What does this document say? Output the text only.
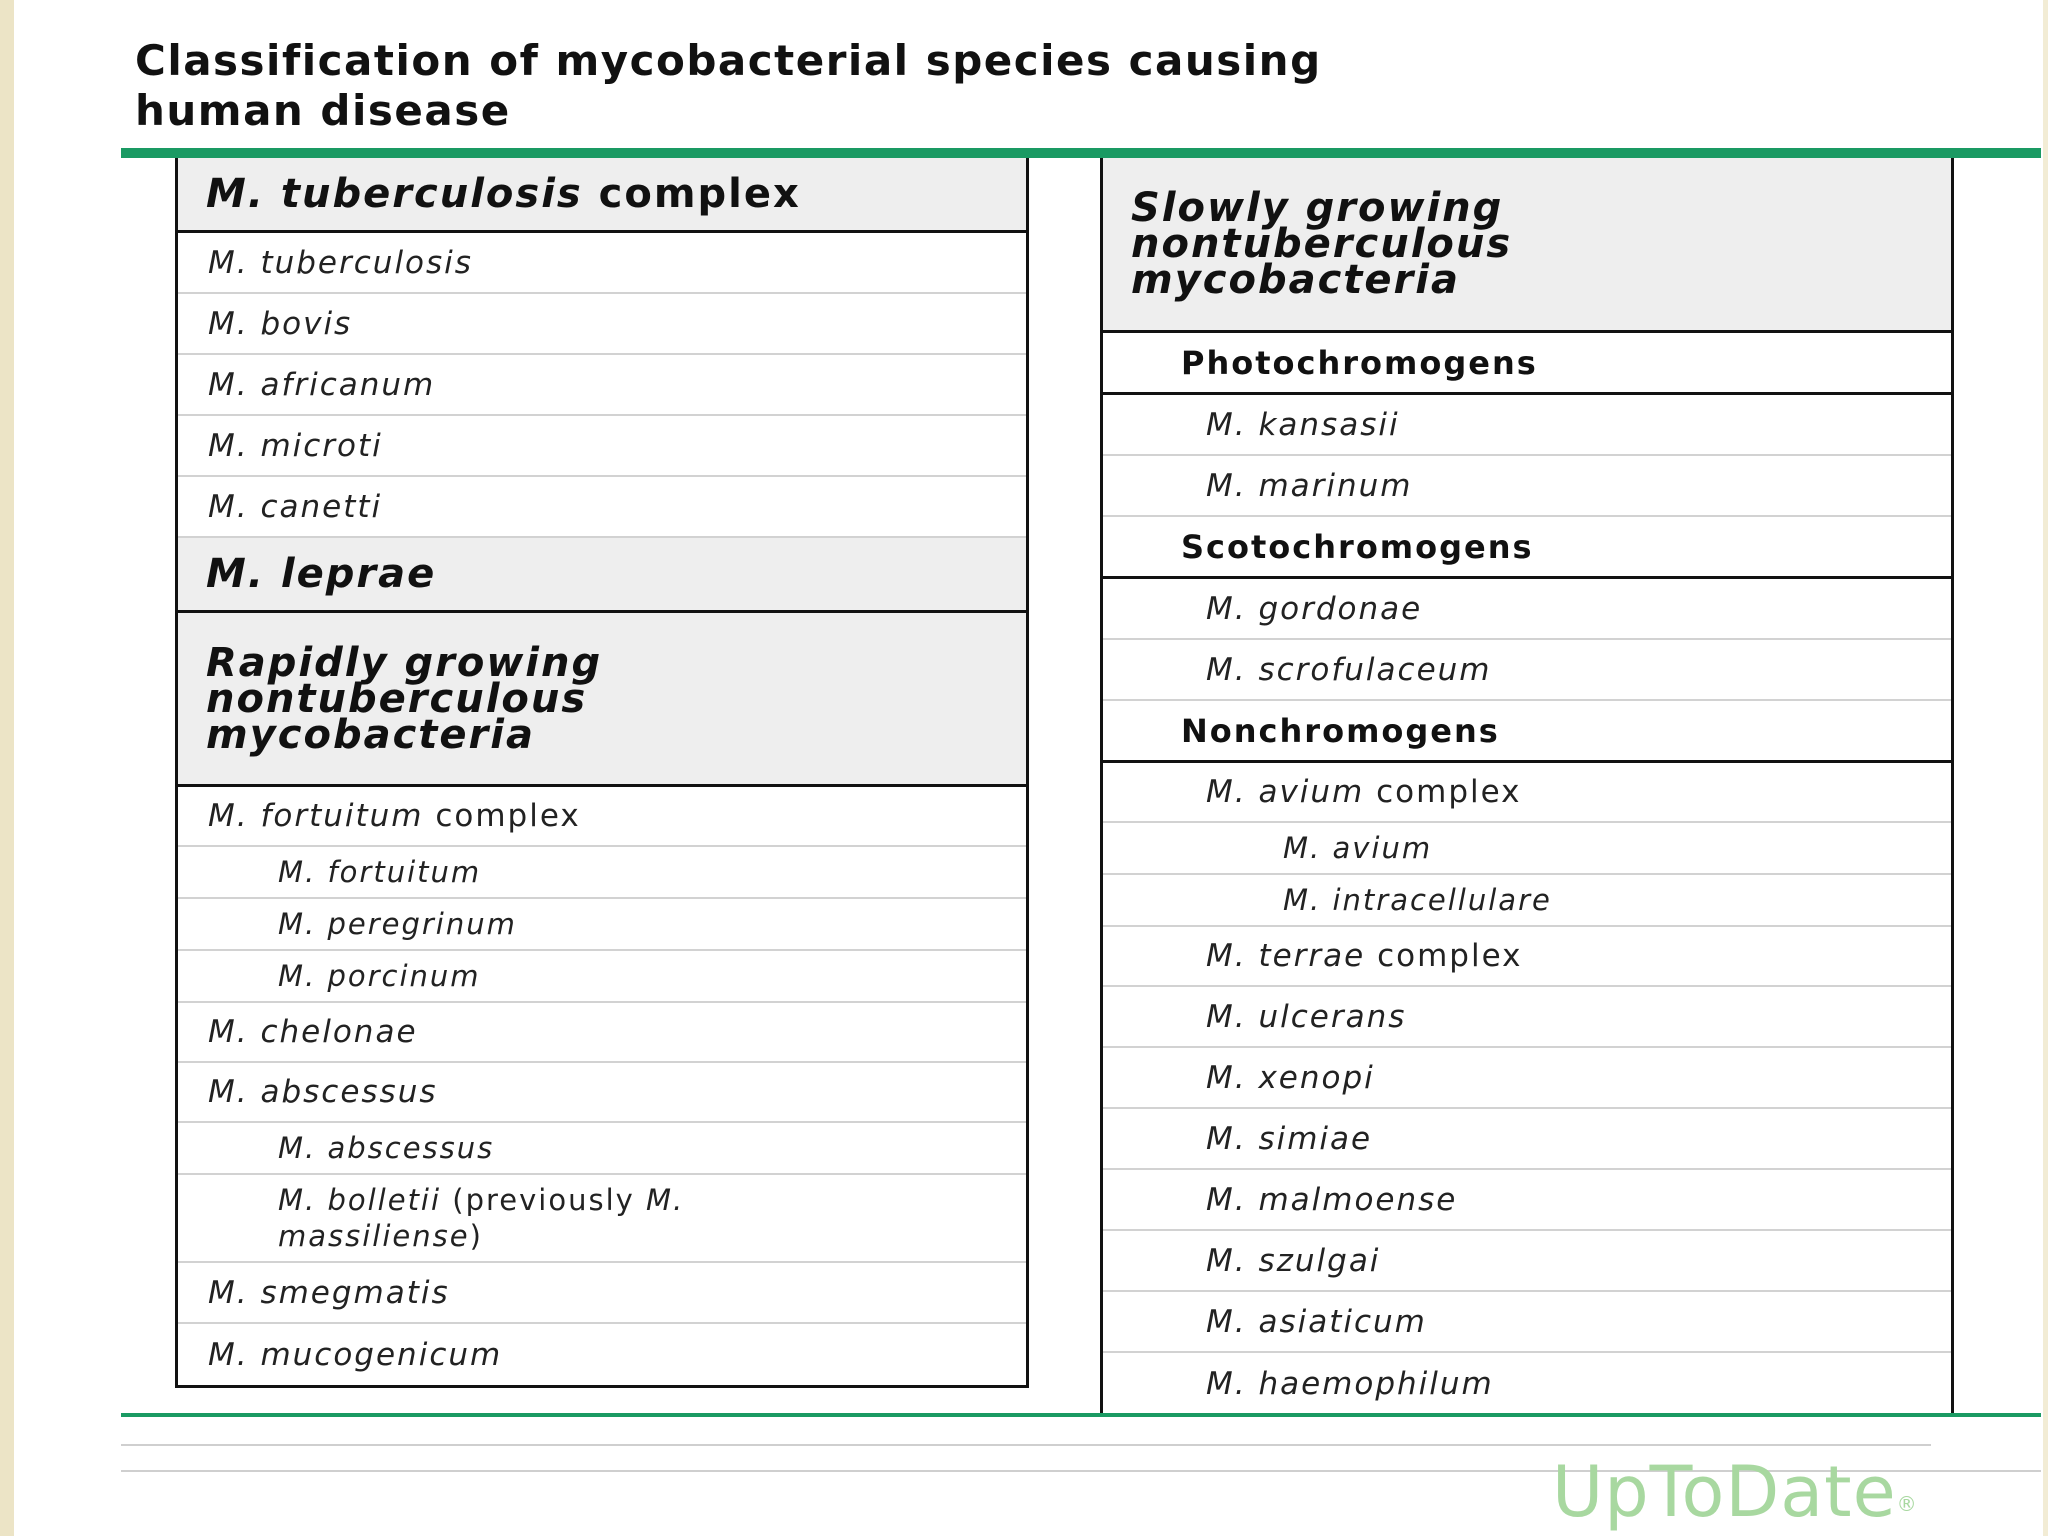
Classification of mycobacterial species causing
human disease
M. tuberculosis complex
M. tuberculosis
M. bovis
M. africanum
M. microti
M. canetti
M. leprae
Rapidly growing
nontuberculous
mycobacteria
M. fortuitum complex
M. fortuitum
M. peregrinum
M. porcinum
M. chelonae
M. abscessus
M. abscessus
M. bolletii (previously M.
massiliense)
M. smegmatis
M. mucogenicum
Slowly growing
nontuberculous
mycobacteria
Photochromogens
M. kansasii
M. marinum
Scotochromogens
M. gordonae
M. scrofulaceum
Nonchromogens
M. avium complex
M. avium
M. intracellulare
M. terrae complex
M. ulcerans
M. xenopi
M. simiae
M. malmoense
M. szulgai
M. asiaticum
M. haemophilum
UpToDate®
